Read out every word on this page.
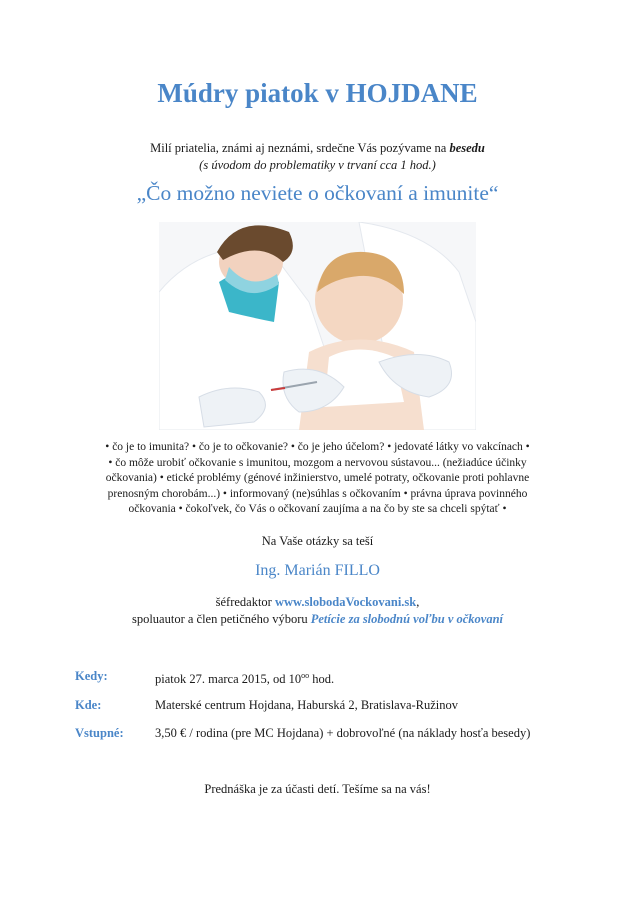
Múdry piatok v HOJDANE
Milí priatelia, známi aj neznámi, srdečne Vás pozývame na besedu
(s úvodom do problematiky v trvaní cca 1 hod.)
„Čo možno neviete o očkovaní a imunite“
• čo je to imunita? • čo je to očkovanie? • čo je jeho účelom? • jedovaté látky vo vakcínach •
• čo môže urobiť očkovanie s imunitou, mozgom a nervovou sústavou... (nežiadúce účinky
očkovania) • etické problémy (génové inžinierstvo, umelé potraty, očkovanie proti pohlavne
prenosným chorobám...) • informovaný (ne)súhlas s očkovaním • právna úprava povinného
očkovania • čokoľvek, čo Vás o očkovaní zaujíma a na čo by ste sa chceli spýtať •
Na Vaše otázky sa teší
Ing. Marián FILLO
šéfredaktor www.slobodaVockovani.sk,
spoluautor a člen petičného výboru Petície za slobodnú voľbu v očkovaní
Kedy:	piatok 27. marca 2015, od $10^{oo}$ hod.
Kde:	Materské centrum Hojdana, Haburská 2, Bratislava-Ružinov
Vstupné:	3,50 € / rodina (pre MC Hojdana) + dobrovoľné (na náklady hosťa besedy)
Prednáška je za účasti detí. Tešíme sa na vás!
